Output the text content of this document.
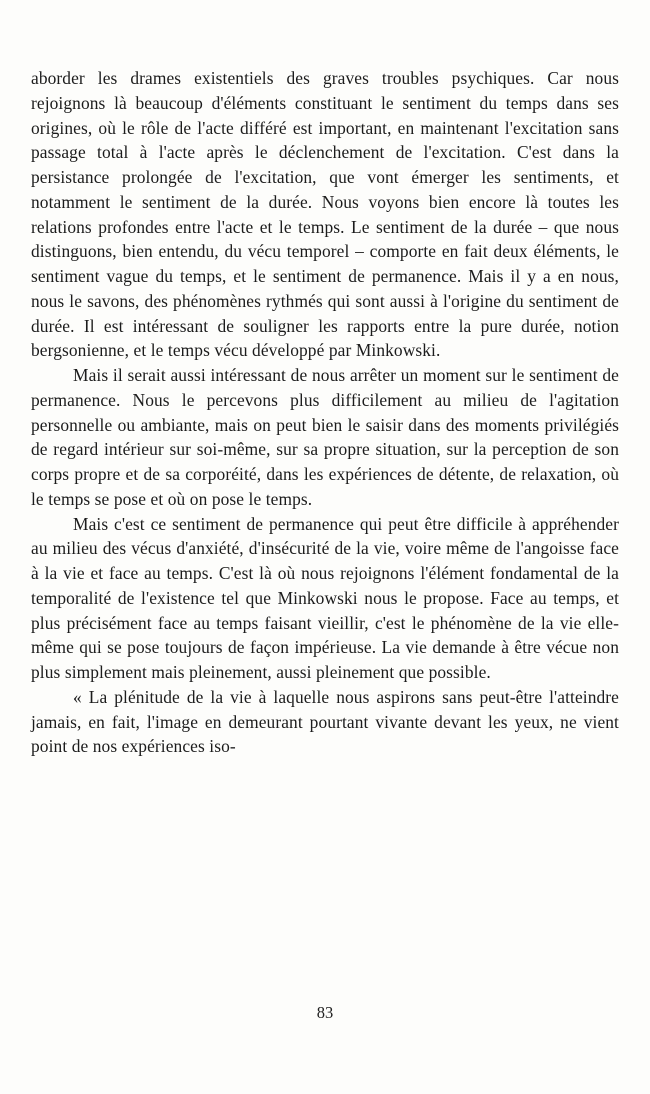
aborder les drames existentiels des graves troubles psychiques. Car nous rejoignons là beaucoup d'éléments constituant le sentiment du temps dans ses origines, où le rôle de l'acte différé est important, en maintenant l'excitation sans passage total à l'acte après le déclenchement de l'excitation. C'est dans la persistance prolongée de l'excitation, que vont émerger les sentiments, et notamment le sentiment de la durée. Nous voyons bien encore là toutes les relations profondes entre l'acte et le temps. Le sentiment de la durée – que nous distinguons, bien entendu, du vécu temporel – comporte en fait deux éléments, le sentiment vague du temps, et le sentiment de permanence. Mais il y a en nous, nous le savons, des phénomènes rythmés qui sont aussi à l'origine du sentiment de durée. Il est intéressant de souligner les rapports entre la pure durée, notion bergsonienne, et le temps vécu développé par Minkowski.

Mais il serait aussi intéressant de nous arrêter un moment sur le sentiment de permanence. Nous le percevons plus difficilement au milieu de l'agitation personnelle ou ambiante, mais on peut bien le saisir dans des moments privilégiés de regard intérieur sur soi-même, sur sa propre situation, sur la perception de son corps propre et de sa corporéité, dans les expériences de détente, de relaxation, où le temps se pose et où on pose le temps.

Mais c'est ce sentiment de permanence qui peut être difficile à appréhender au milieu des vécus d'anxiété, d'insécurité de la vie, voire même de l'angoisse face à la vie et face au temps. C'est là où nous rejoignons l'élément fondamental de la temporalité de l'existence tel que Minkowski nous le propose. Face au temps, et plus précisément face au temps faisant vieillir, c'est le phénomène de la vie elle-même qui se pose toujours de façon impérieuse. La vie demande à être vécue non plus simplement mais pleinement, aussi pleinement que possible.

« La plénitude de la vie à laquelle nous aspirons sans peut-être l'atteindre jamais, en fait, l'image en demeurant pourtant vivante devant les yeux, ne vient point de nos expériences iso-

83
